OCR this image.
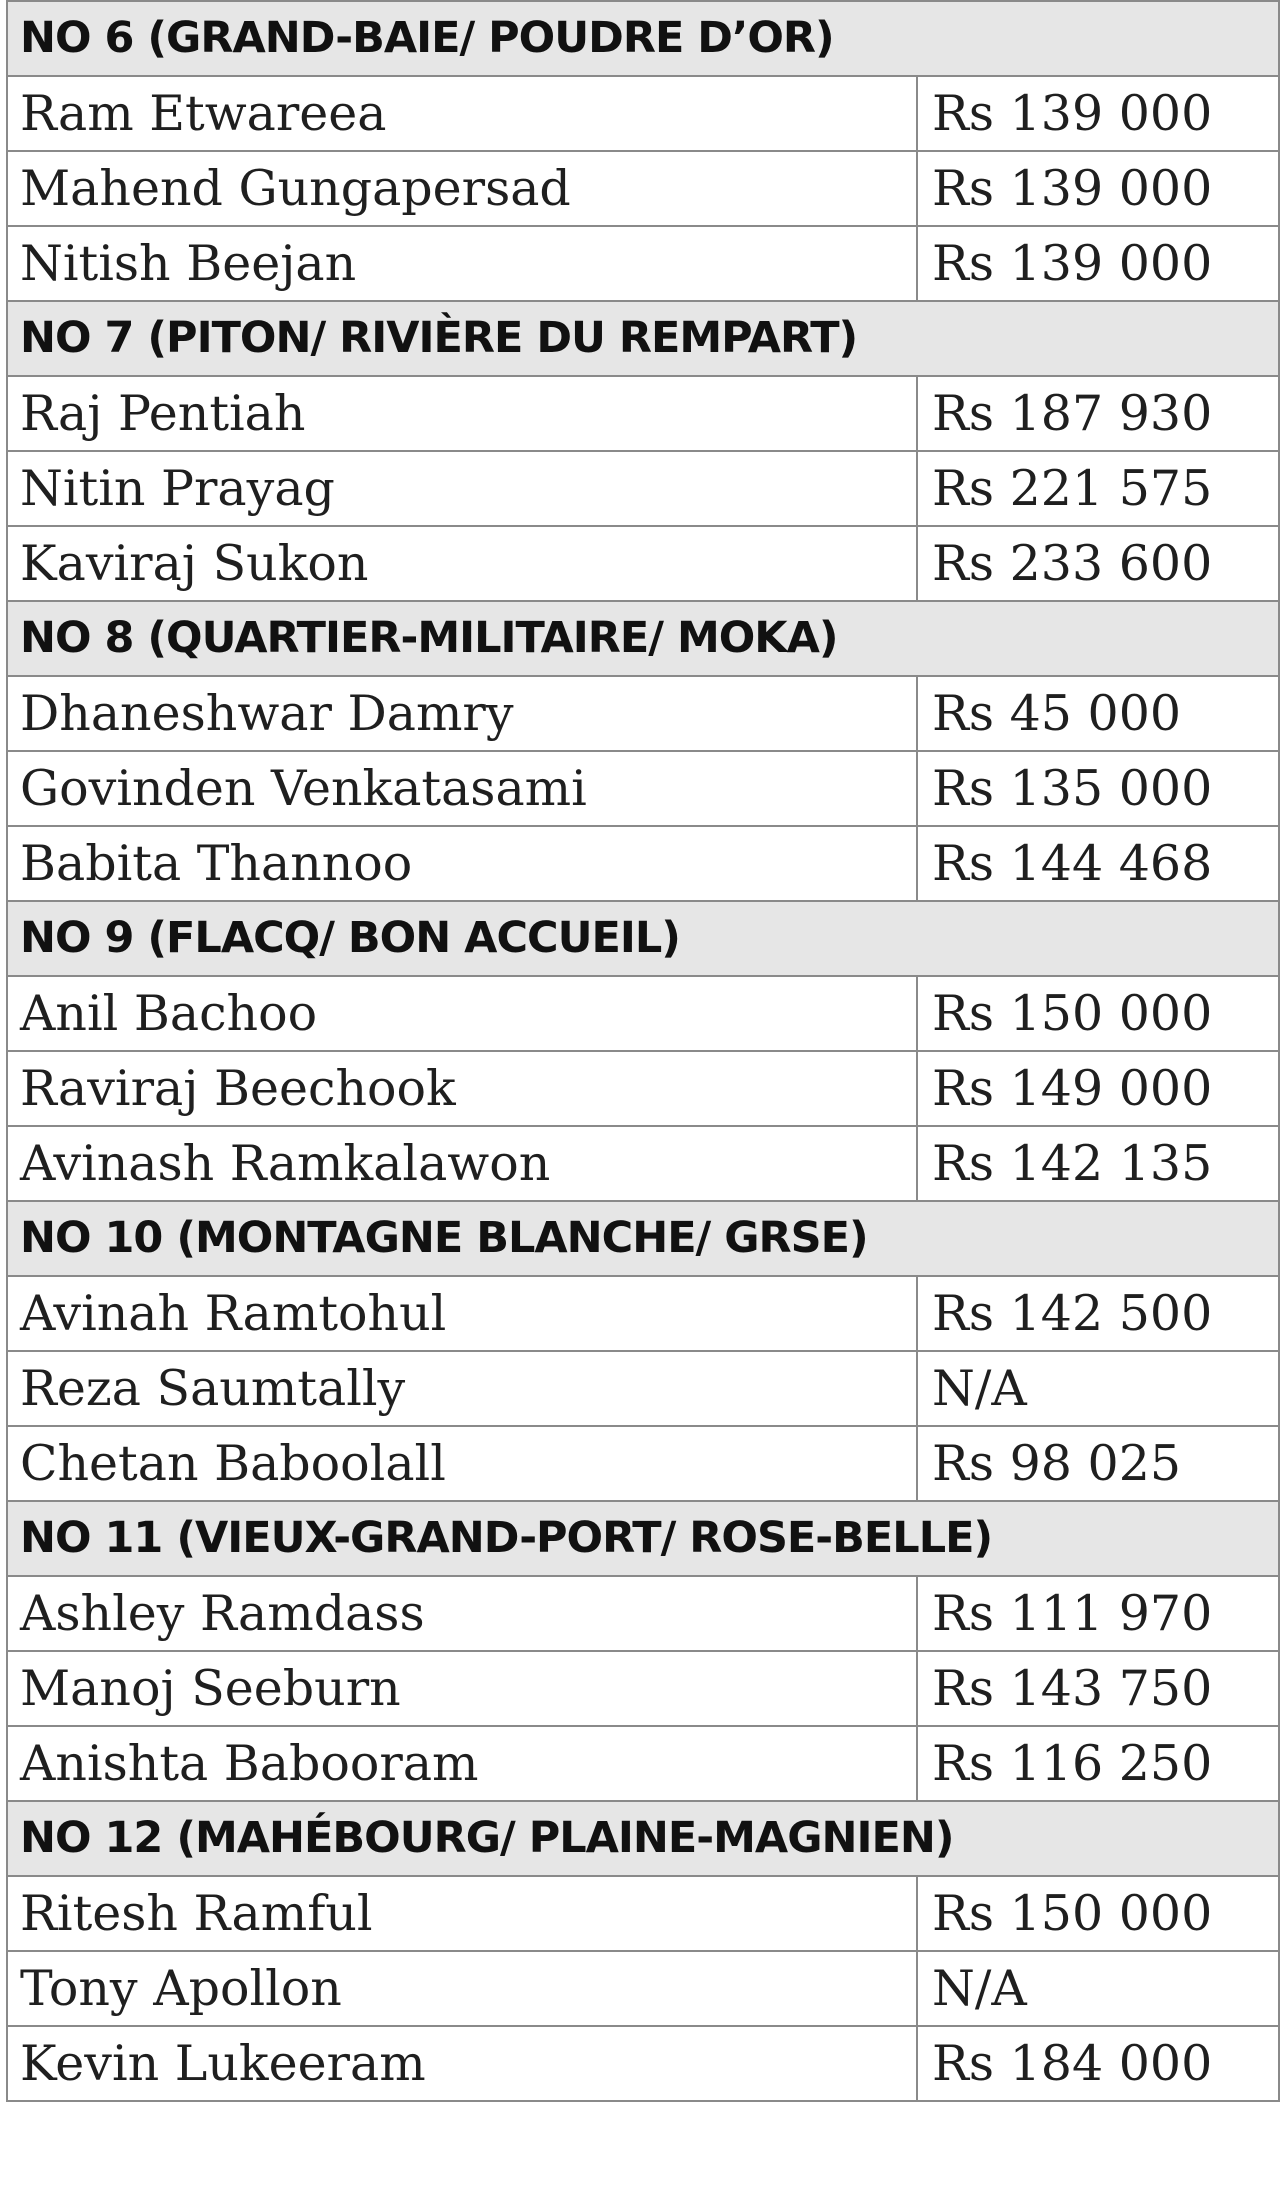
NO 6 (GRAND-BAIE/ POUDRE D’OR)	
Ram Etwareea	Rs 139 000
Mahend Gungapersad	Rs 139 000
Nitish Beejan	Rs 139 000
NO 7 (PITON/ RIVIÈRE DU REMPART)	
Raj Pentiah	Rs 187 930
Nitin Prayag	Rs 221 575
Kaviraj Sukon	Rs 233 600
NO 8 (QUARTIER-MILITAIRE/ MOKA)	
Dhaneshwar Damry	Rs 45 000
Govinden Venkatasami	Rs 135 000
Babita Thannoo	Rs 144 468
NO 9 (FLACQ/ BON ACCUEIL)	
Anil Bachoo	Rs 150 000
Raviraj Beechook	Rs 149 000
Avinash Ramkalawon	Rs 142 135
NO 10 (MONTAGNE BLANCHE/ GRSE)	
Avinah Ramtohul	Rs 142 500
Reza Saumtally	N/A
Chetan Baboolall	Rs 98 025
NO 11 (VIEUX-GRAND-PORT/ ROSE-BELLE)	
Ashley Ramdass	Rs 111 970
Manoj Seeburn	Rs 143 750
Anishta Babooram	Rs 116 250
NO 12 (MAHÉBOURG/ PLAINE-MAGNIEN)	
Ritesh Ramful	Rs 150 000
Tony Apollon	N/A
Kevin Lukeeram	Rs 184 000
